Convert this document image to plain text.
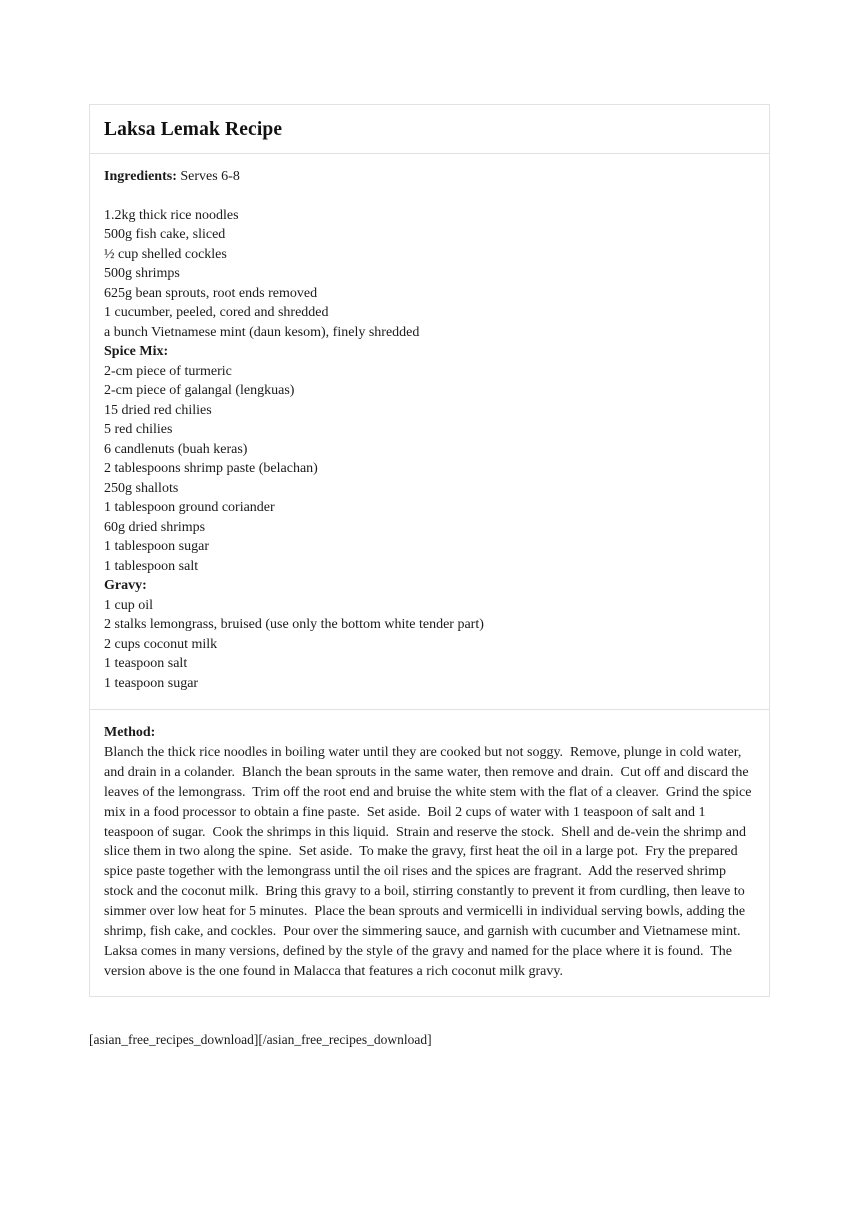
Laksa Lemak Recipe

Ingredients: Serves 6-8

1.2kg thick rice noodles
500g fish cake, sliced
½ cup shelled cockles
500g shrimps
625g bean sprouts, root ends removed
1 cucumber, peeled, cored and shredded
a bunch Vietnamese mint (daun kesom), finely shredded
Spice Mix:
2-cm piece of turmeric
2-cm piece of galangal (lengkuas)
15 dried red chilies
5 red chilies
6 candlenuts (buah keras)
2 tablespoons shrimp paste (belachan)
250g shallots
1 tablespoon ground coriander
60g dried shrimps
1 tablespoon sugar
1 tablespoon salt
Gravy:
1 cup oil
2 stalks lemongrass, bruised (use only the bottom white tender part)
2 cups coconut milk
1 teaspoon salt
1 teaspoon sugar

Method:

Blanch the thick rice noodles in boiling water until they are cooked but not soggy.  Remove, plunge in cold water, and drain in a colander.  Blanch the bean sprouts in the same water, then remove and drain.  Cut off and discard the leaves of the lemongrass.  Trim off the root end and bruise the white stem with the flat of a cleaver.  Grind the spice mix in a food processor to obtain a fine paste.  Set aside.  Boil 2 cups of water with 1 teaspoon of salt and 1 teaspoon of sugar.  Cook the shrimps in this liquid.  Strain and reserve the stock.  Shell and de-vein the shrimp and slice them in two along the spine.  Set aside.  To make the gravy, first heat the oil in a large pot.  Fry the prepared spice paste together with the lemongrass until the oil rises and the spices are fragrant.  Add the reserved shrimp stock and the coconut milk.  Bring this gravy to a boil, stirring constantly to prevent it from curdling, then leave to simmer over low heat for 5 minutes.  Place the bean sprouts and vermicelli in individual serving bowls, adding the shrimp, fish cake, and cockles.  Pour over the simmering sauce, and garnish with cucumber and Vietnamese mint.  Laksa comes in many versions, defined by the style of the gravy and named for the place where it is found.  The version above is the one found in Malacca that features a rich coconut milk gravy.

[asian_free_recipes_download][/asian_free_recipes_download]
